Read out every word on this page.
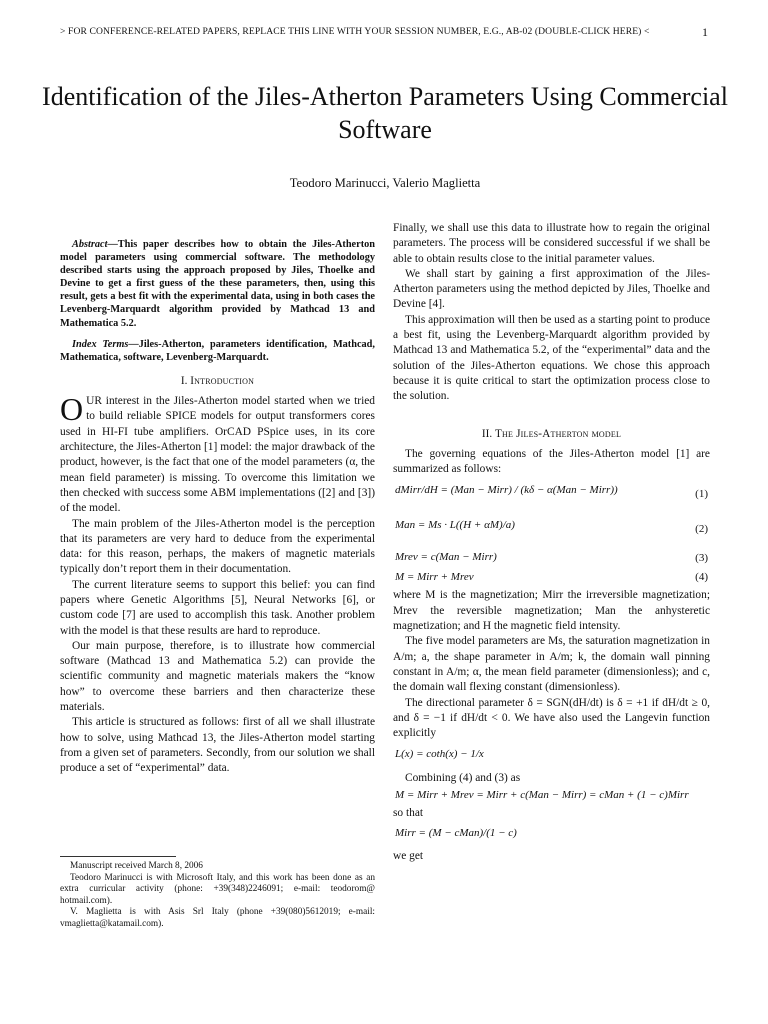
> FOR CONFERENCE-RELATED PAPERS, REPLACE THIS LINE WITH YOUR SESSION NUMBER, E.G., AB-02 (DOUBLE-CLICK HERE) <	1
Identification of the Jiles-Atherton Parameters Using Commercial Software
Teodoro Marinucci, Valerio Maglietta

Abstract—This paper describes how to obtain the Jiles-Atherton model parameters using commercial software. The methodology described starts using the approach proposed by Jiles, Thoelke and Devine to get a first guess of the these parameters, then, using this result, gets a best fit with the experimental data, using in both cases the Levenberg-Marquardt algorithm provided by Mathcad 13 and Mathematica 5.2.

Index Terms—Jiles-Atherton, parameters identification, Mathcad, Mathematica, software, Levenberg-Marquardt.

I. Introduction

OUR interest in the Jiles-Atherton model started when we tried to build reliable SPICE models for output transformers cores used in HI-FI tube amplifiers. OrCAD PSpice uses, in its core architecture, the Jiles-Atherton [1] model: the major drawback of the product, however, is the fact that one of the model parameters (α, the mean field parameter) is missing. To overcome this limitation we then checked with success some ABM implementations ([2] and [3]) of the model.

The main problem of the Jiles-Atherton model is the perception that its parameters are very hard to deduce from the experimental data: for this reason, perhaps, the makers of magnetic materials typically don’t report them in their documentation.

The current literature seems to support this belief: you can find papers where Genetic Algorithms [5], Neural Networks [6], or custom code [7] are used to accomplish this task. Another problem with the model is that these results are hard to reproduce.

Our main purpose, therefore, is to illustrate how commercial software (Mathcad 13 and Mathematica 5.2) can provide the scientific community and magnetic materials makers the “know how” to overcome these barriers and then characterize these materials.

This article is structured as follows: first of all we shall illustrate how to solve, using Mathcad 13, the Jiles-Atherton model starting from a given set of parameters. Secondly, from our solution we shall produce a set of “experimental” data.

Manuscript received March 8, 2006

Teodoro Marinucci is with Microsoft Italy, and this work has been done as an extra curricular activity (phone: +39(348)2246091; e-mail: teodorom@ hotmail.com).

V. Maglietta is with Asis Srl Italy (phone +39(080)5612019; e-mail: vmaglietta@katamail.com).

Finally, we shall use this data to illustrate how to regain the original parameters. The process will be considered successful if we shall be able to obtain results close to the initial parameter values.

We shall start by gaining a first approximation of the Jiles-Atherton parameters using the method depicted by Jiles, Thoelke and Devine [4].

This approximation will then be used as a starting point to produce a best fit, using the Levenberg-Marquardt algorithm provided by Mathcad 13 and Mathematica 5.2, of the “experimental” data and the solution of the Jiles-Atherton equations. We chose this approach because it is quite critical to start the optimization process close to the solution.

II. The Jiles-Atherton model

The governing equations of the Jiles-Atherton model [1] are summarized as follows:

dMirr/dH = (Man − Mirr) / (kδ − α(Man − Mirr))	(1)
Man = Ms · L((H + αM)/a)	(2)
Mrev = c(Man − Mirr)	(3)
M = Mirr + Mrev	(4)

where M is the magnetization; Mirr the irreversible magnetization; Mrev the reversible magnetization; Man the anhysteretic magnetization; and H the magnetic field intensity.

The five model parameters are Ms, the saturation magnetization in A/m; a, the shape parameter in A/m; k, the domain wall pinning constant in A/m; α, the mean field parameter (dimensionless); and c, the domain wall flexing constant (dimensionless).

The directional parameter δ = SGN(dH/dt) is δ = +1 if dH/dt ≥ 0, and δ = −1 if dH/dt < 0. We have also used the Langevin function explicitly

L(x) = coth(x) − 1/x

Combining (4) and (3) as

M = Mirr + Mrev = Mirr + c(Man − Mirr) = cMan + (1 − c)Mirr

so that

Mirr = (M − cMan)/(1 − c)

we get
